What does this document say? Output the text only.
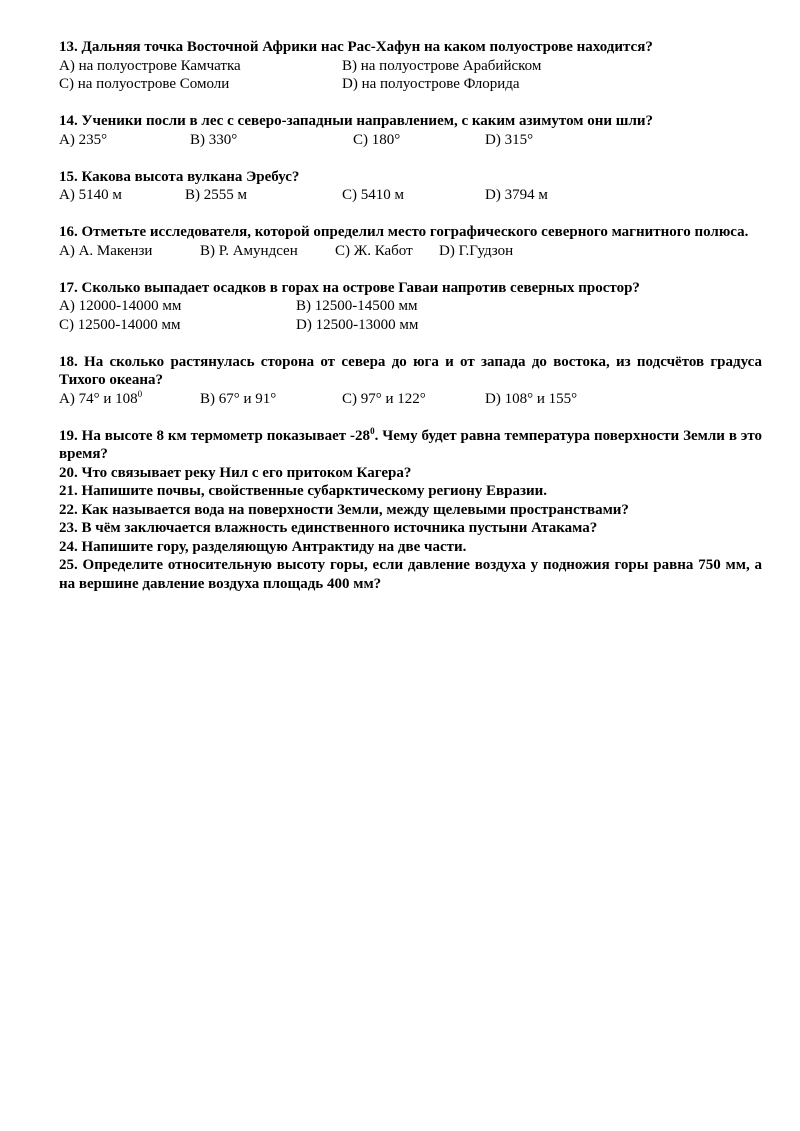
13. Дальняя точка Восточной Африки нас Рас-Хафун на каком полуострове находится?

A) на полуострове Камчатка	B) на полуострове Арабийском
C) на полуострове Сомоли	D) на полуострове Флорида

14. Ученики посли в лес с северо-западныи направлением, с каким азимутом они шли?

A) 235°	B) 330°	C) 180°	D) 315°

15. Какова высота вулкана Эребус?

A) 5140 м	B) 2555 м	C) 5410 м	D) 3794 м

16. Отметьте исследователя, которой определил место гографического северного магнитного полюса.

A) А. Макензи	B) Р. Амундсен C) Ж. Кабот D) Г.Гудзон

17. Сколько выпадает осадков в горах на острове Гаваи напротив северных простор?

A) 12000-14000 мм	B) 12500-14500 мм
C) 12500-14000 мм	D) 12500-13000 мм

18. На сколько растянулась сторона от севера до юга и от запада до востока, из подсчётов градуса Тихого океана?

A) 74° и $108^0$	B) 67° и 91°	C) 97° и 122°	D) 108° и 155°

19. На высоте 8 км термометр показывает $-28^0$. Чему будет равна температура поверхности Земли в это время?

20. Что связывает реку Нил с его притоком Кагера?

21. Напишите почвы, свойственные субарктическому региону Евразии.

22. Как называется вода на поверхности Земли, между щелевыми пространствами?

23. В чём заключается влажность единственного источника пустыни Атакама?

24. Напишите гору, разделяющую Антрактиду на две части.

25. Определите относительную высоту горы, если давление воздуха у подножия горы равна 750 мм, а на вершине давление воздуха площадь 400 мм?
